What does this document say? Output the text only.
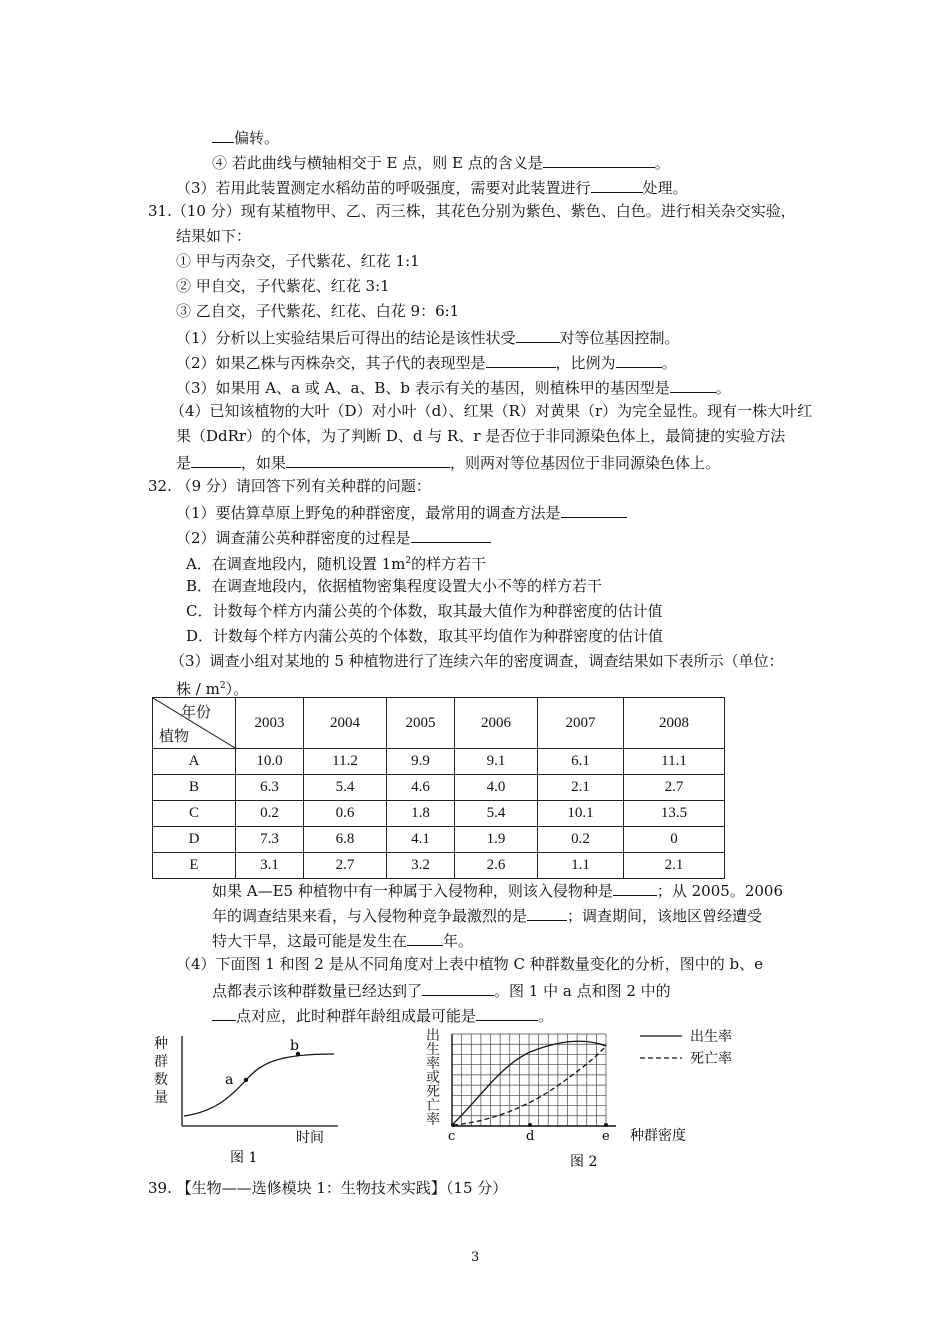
偏转。
④ 若此曲线与横轴相交于 E 点，则 E 点的含义是	。
（3）若用此装置测定水稻幼苗的呼吸强度，需要对此装置进行	处理。
31.（10 分）现有某植物甲、乙、丙三株，其花色分别为紫色、紫色、白色。进行相关杂交实验，
结果如下：
① 甲与丙杂交，子代紫花、红花 1:1
② 甲自交，子代紫花、红花 3:1
③ 乙自交，子代紫花、红花、白花 9：6:1
（1）分析以上实验结果后可得出的结论是该性状受	对等位基因控制。
（2）如果乙株与丙株杂交，其子代的表现型是	，比例为	。
（3）如果用 A、a 或 A、a、B、b 表示有关的基因，则植株甲的基因型是	。
（4）已知该植物的大叶（D）对小叶（d）、红果（R）对黄果（r）为完全显性。现有一株大叶红
果（DdRr）的个体，为了判断 D、d 与 R、r 是否位于非同源染色体上，最简捷的实验方法
是	，如果	，则两对等位基因位于非同源染色体上。
32. （9 分）请回答下列有关种群的问题：
（1）要估算草原上野兔的种群密度，最常用的调查方法是
（2）调查蒲公英种群密度的过程是
A．在调查地段内，随机设置 $1m^2$的样方若干
B．在调查地段内，依据植物密集程度设置大小不等的样方若干
C．计数每个样方内蒲公英的个体数，取其最大值作为种群密度的估计值
D．计数每个样方内蒲公英的个体数，取其平均值作为种群密度的估计值
（3）调查小组对某地的 5 种植物进行了连续六年的密度调查，调查结果如下表所示（单位：
株 / $m^2$）。
年份
植物	2003	2004	2005	2006	2007	2008
A	10.0	11.2	9.9	9.1	6.1	11.1
B	6.3	5.4	4.6	4.0	2.1	2.7
C	0.2	0.6	1.8	5.4	10.1	13.5
D	7.3	6.8	4.1	1.9	0.2	0
E	3.1	2.7	3.2	2.6	1.1	2.1
如果 A—E5 种植物中有一种属于入侵物种，则该入侵物种是	；从 2005。2006
年的调查结果来看，与入侵物种竞争最激烈的是	；调查期间，该地区曾经遭受
特大干旱，这最可能是发生在 年。
（4）下面图 1 和图 2 是从不同角度对上表中植物 C 种群数量变化的分析，图中的 b、e
点都表示该种群数量已经达到了	。图 1 中 a 点和图 2 中的
点对应，此时种群年龄组成最可能是	。
种
群
数
量
a
b
时间
图 1
出
生
率
或
死
亡
率
c	d	e 种群密度
出生率
死亡率
图 2
39. 【生物——选修模块 1：生物技术实践】（15 分）
3
